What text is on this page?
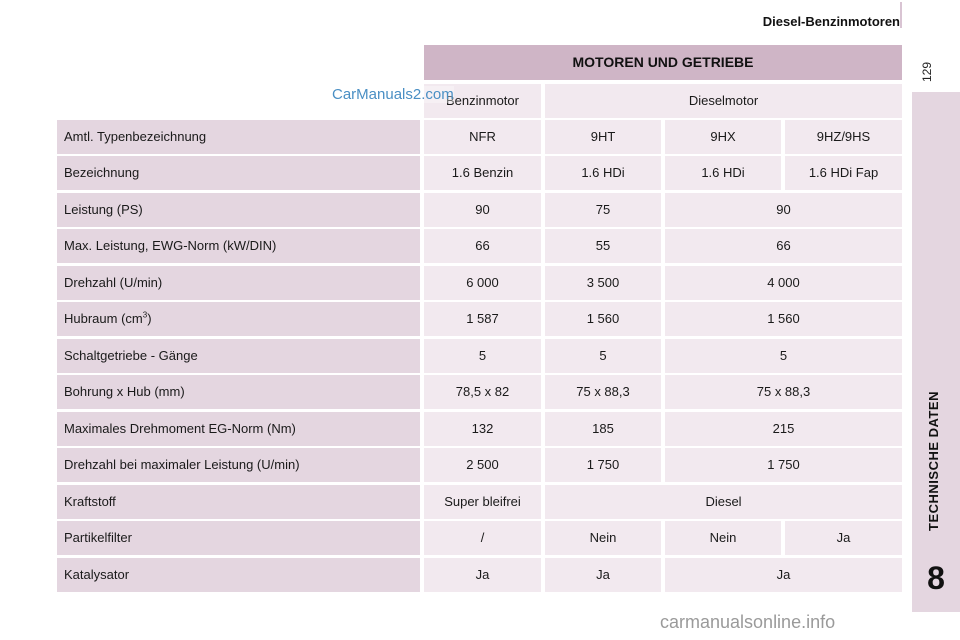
Diesel-Benzinmotoren
129
TECHNISCHE DATEN
8
MOTOREN UND GETRIEBE
Benzinmotor	Dieselmotor
Amtl. Typenbezeichnung	NFR	9HT	9HX	9HZ/9HS
Bezeichnung	1.6 Benzin	1.6 HDi	1.6 HDi	1.6 HDi Fap
Leistung (PS)	90	75	90
Max. Leistung, EWG-Norm (kW/DIN)	66	55	66
Drehzahl (U/min)	6 000	3 500	4 000
Hubraum $(cm^3)$	1 587	1 560	1 560
Schaltgetriebe - Gänge	5	5	5
Bohrung x Hub (mm)	78,5 x 82	75 x 88,3	75 x 88,3
Maximales Drehmoment EG-Norm (Nm)	132	185	215
Drehzahl bei maximaler Leistung (U/min)	2 500	1 750	1 750
Kraftstoff	Super bleifrei	Diesel
Partikelfilter	/	Nein	Nein	Ja
Katalysator	Ja	Ja	Ja
CarManuals2.com
carmanualsonline.info
